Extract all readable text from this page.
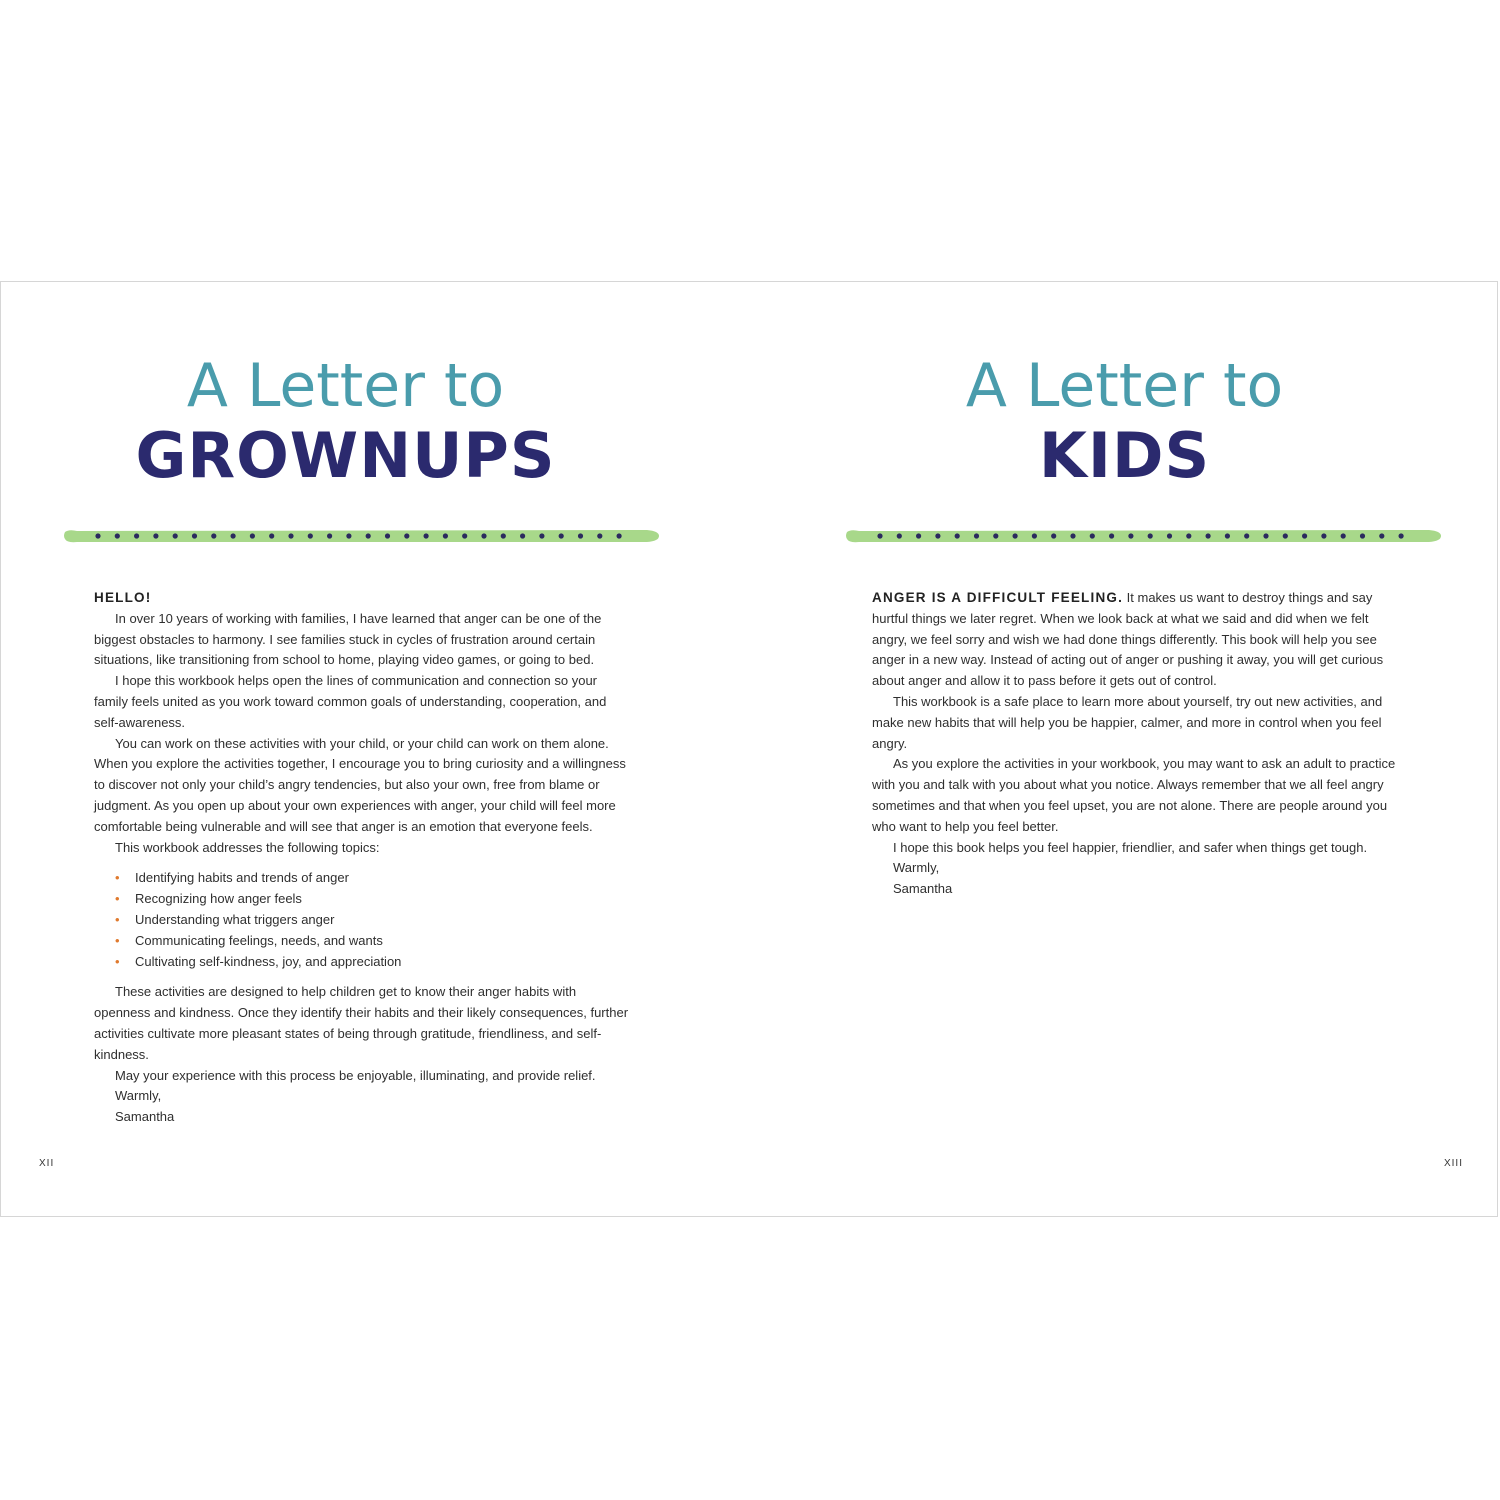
A Letter to
GROWNUPS

HELLO!

In over 10 years of working with families, I have learned that anger can be one of the biggest obstacles to harmony. I see families stuck in cycles of frustration around certain situations, like transitioning from school to home, playing video games, or going to bed.

I hope this workbook helps open the lines of communication and connection so your family feels united as you work toward common goals of understanding, cooperation, and self-awareness.

You can work on these activities with your child, or your child can work on them alone. When you explore the activities together, I encourage you to bring curiosity and a willingness to discover not only your child’s angry tendencies, but also your own, free from blame or judgment. As you open up about your own experiences with anger, your child will feel more comfortable being vulnerable and will see that anger is an emotion that everyone feels.

This workbook addresses the following topics:

• Identifying habits and trends of anger
• Recognizing how anger feels
• Understanding what triggers anger
• Communicating feelings, needs, and wants
• Cultivating self-kindness, joy, and appreciation

These activities are designed to help children get to know their anger habits with openness and kindness. Once they identify their habits and their likely consequences, further activities cultivate more pleasant states of being through gratitude, friendliness, and self-kindness.

May your experience with this process be enjoyable, illuminating, and provide relief.

Warmly,

Samantha

XII
A Letter to
KIDS

ANGER IS A DIFFICULT FEELING. It makes us want to destroy things and say hurtful things we later regret. When we look back at what we said and did when we felt angry, we feel sorry and wish we had done things differently. This book will help you see anger in a new way. Instead of acting out of anger or pushing it away, you will get curious about anger and allow it to pass before it gets out of control.

This workbook is a safe place to learn more about yourself, try out new activities, and make new habits that will help you be happier, calmer, and more in control when you feel angry.

As you explore the activities in your workbook, you may want to ask an adult to practice with you and talk with you about what you notice. Always remember that we all feel angry sometimes and that when you feel upset, you are not alone. There are people around you who want to help you feel better.

I hope this book helps you feel happier, friendlier, and safer when things get tough.

Warmly,

Samantha

XIII
